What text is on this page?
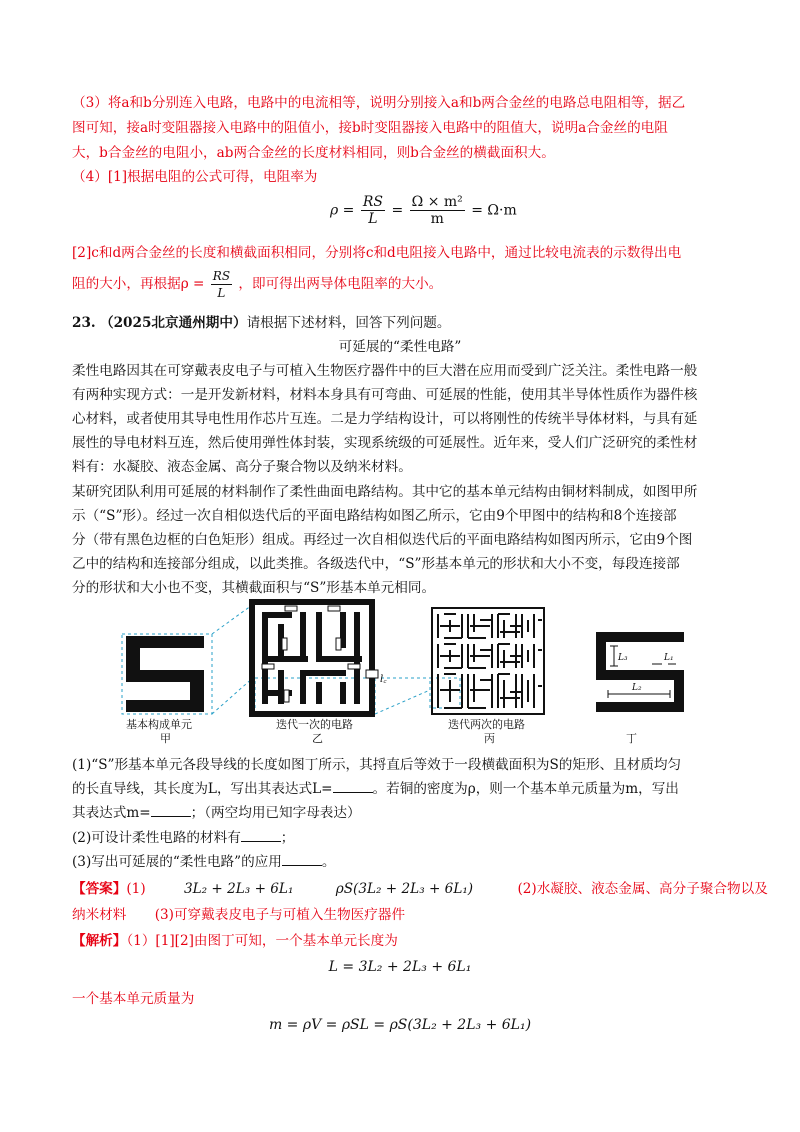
（3）将a和b分别连入电路，电路中的电流相等，说明分别接入a和b两合金丝的电路总电阻相等，据乙
图可知，接a时变阻器接入电路中的阻值小，接b时变阻器接入电路中的阻值大，说明a合金丝的电阻
大，b合金丝的电阻小，ab两合金丝的长度材料相同，则b合金丝的横截面积大。
（4）[1]根据电阻的公式可得，电阻率为
$\rho = \frac{RS}{L} = \frac{\text{Ω × m²}}{m} = \Omega\cdot m$
[2]c和d两合金丝的长度和横截面积相同，分别将c和d电阻接入电路中，通过比较电流表的示数得出电
阻的大小，再根据$\rho = \frac{RS}{L}$ ，即可得出两导体电阻率的大小。
23. （2025北京通州期中）请根据下述材料，回答下列问题。
可延展的“柔性电路”
柔性电路因其在可穿戴表皮电子与可植入生物医疗器件中的巨大潜在应用而受到广泛关注。柔性电路一般
有两种实现方式：一是开发新材料，材料本身具有可弯曲、可延展的性能，使用其半导体性质作为器件核
心材料，或者使用其导电性用作芯片互连。二是力学结构设计，可以将刚性的传统半导体材料，与具有延
展性的导电材料互连，然后使用弹性体封装，实现系统级的可延展性。近年来，受人们广泛研究的柔性材
料有：水凝胶、液态金属、高分子聚合物以及纳米材料。
某研究团队利用可延展的材料制作了柔性曲面电路结构。其中它的基本单元结构由铜材料制成，如图甲所
示（“S”形）。经过一次自相似迭代后的平面电路结构如图乙所示，它由9个甲图中的结构和8个连接部
分（带有黑色边框的白色矩形）组成。再经过一次自相似迭代后的平面电路结构如图丙所示，它由9个图
乙中的结构和连接部分组成，以此类推。各级迭代中，“S”形基本单元的形状和大小不变，每段连接部
分的形状和大小也不变，其横截面积与“S”形基本单元相同。
l꜀
L₃	L₁
L₂
基本构成单元
甲
迭代一次的电路
乙
迭代两次的电路
丙	丁
(1)“S”形基本单元各段导线的长度如图丁所示，其捋直后等效于一段横截面积为S的矩形、且材质均匀
的长直导线，其长度为L，写出其表达式L=	。若铜的密度为ρ，则一个基本单元质量为m，写出
其表达式m=	；（两空均用已知字母表达）
(2)可设计柔性电路的材料有	；
(3)写出可延展的“柔性电路”的应用	。
【答案】(1)	3L₂ + 2L₃ + 6L₁	ρS(3L₂ + 2L₃ + 6L₁)	(2)水凝胶、液态金属、高分子聚合物以及
纳米材料 (3)可穿戴表皮电子与可植入生物医疗器件
【解析】（1）[1][2]由图丁可知，一个基本单元长度为
L = 3L₂ + 2L₃ + 6L₁
一个基本单元质量为
m = ρV = ρSL = ρS(3L₂ + 2L₃ + 6L₁)
